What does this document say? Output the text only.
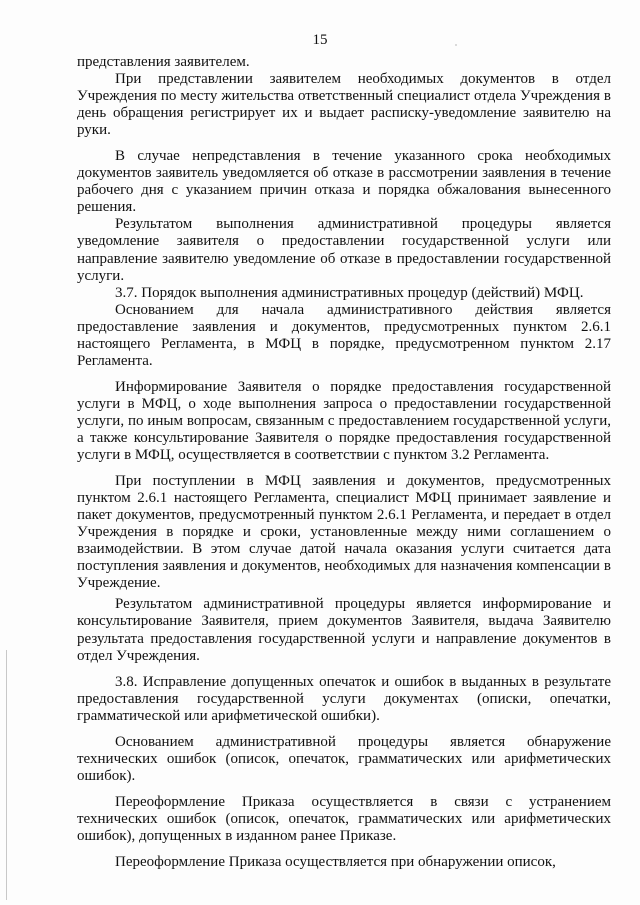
15

представления заявителем.

При представлении заявителем необходимых документов в отдел Учреждения по месту жительства ответственный специалист отдела Учреждения в день обращения регистрирует их и выдает расписку-уведомление заявителю на руки.

В случае непредставления в течение указанного срока необходимых документов заявитель уведомляется об отказе в рассмотрении заявления в течение рабочего дня с указанием причин отказа и порядка обжалования вынесенного решения.

Результатом выполнения административной процедуры является уведомление заявителя о предоставлении государственной услуги или направление заявителю уведомление об отказе в предоставлении государственной услуги.

3.7. Порядок выполнения административных процедур (действий) МФЦ.

Основанием для начала административного действия является предоставление заявления и документов, предусмотренных пунктом 2.6.1 настоящего Регламента, в МФЦ в порядке, предусмотренном пунктом 2.17 Регламента.

Информирование Заявителя о порядке предоставления государственной услуги в МФЦ, о ходе выполнения запроса о предоставлении государственной услуги, по иным вопросам, связанным с предоставлением государственной услуги, а также консультирование Заявителя о порядке предоставления государственной услуги в МФЦ, осуществляется в соответствии с пунктом 3.2 Регламента.

При поступлении в МФЦ заявления и документов, предусмотренных пунктом 2.6.1 настоящего Регламента, специалист МФЦ принимает заявление и пакет документов, предусмотренный пунктом 2.6.1 Регламента, и передает в отдел Учреждения в порядке и сроки, установленные между ними соглашением о взаимодействии. В этом случае датой начала оказания услуги считается дата поступления заявления и документов, необходимых для назначения компенсации в Учреждение.

Результатом административной процедуры является информирование и консультирование Заявителя, прием документов Заявителя, выдача Заявителю результата предоставления государственной услуги и направление документов в отдел Учреждения.

3.8. Исправление допущенных опечаток и ошибок в выданных в результате предоставления государственной услуги документах (описки, опечатки, грамматической или арифметической ошибки).

Основанием административной процедуры является обнаружение технических ошибок (описок, опечаток, грамматических или арифметических ошибок).

Переоформление Приказа осуществляется в связи с устранением технических ошибок (описок, опечаток, грамматических или арифметических ошибок), допущенных в изданном ранее Приказе.

Переоформление Приказа осуществляется при обнаружении описок,
